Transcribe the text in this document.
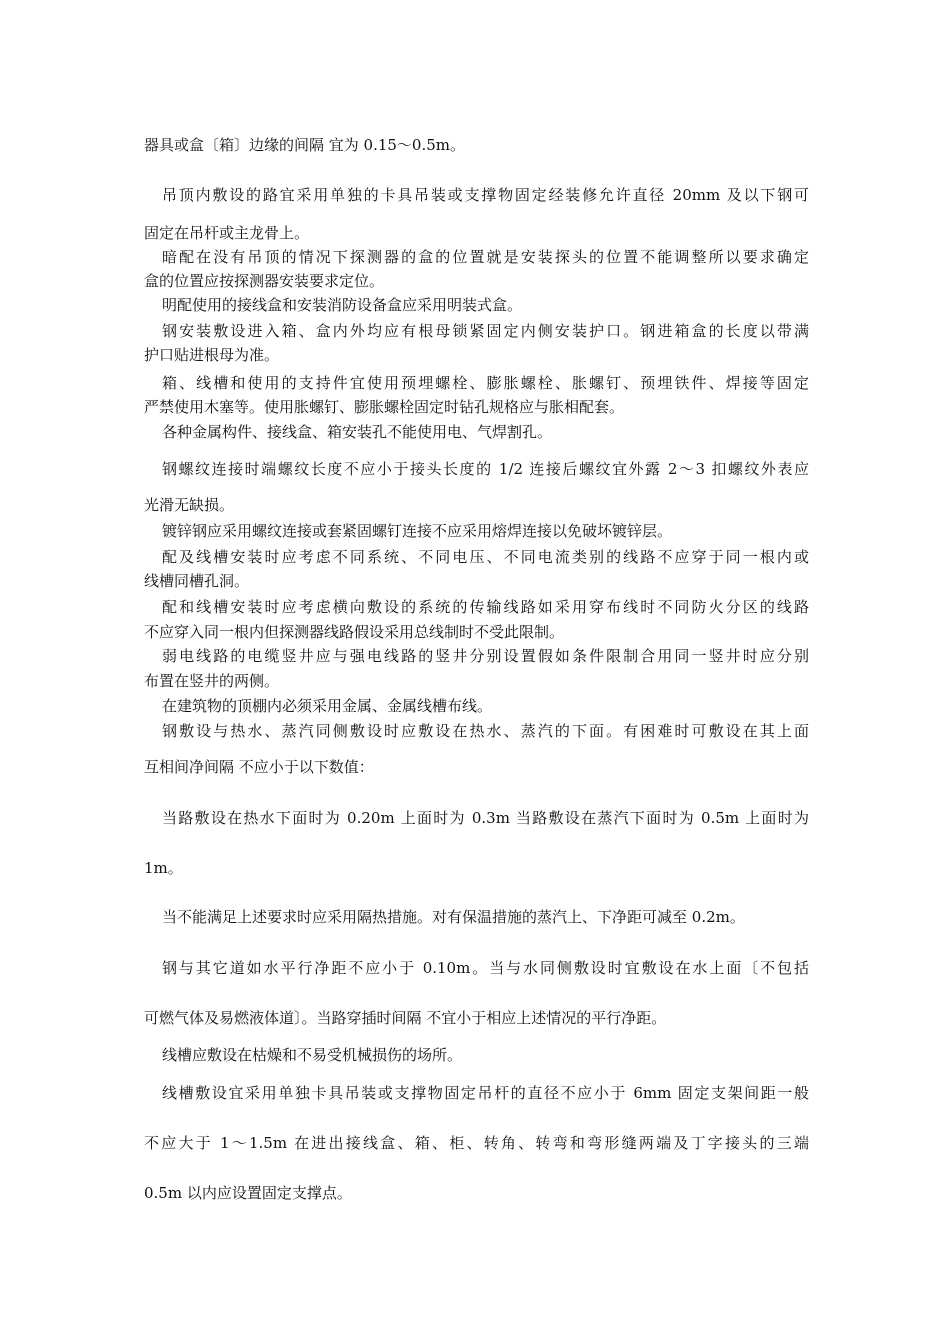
器具或盒〔箱〕边缘的间隔 宜为 0.15～0.5m。
吊顶内敷设的路宜采用单独的卡具吊装或支撑物固定经装修允许直径 20mm 及以下钢可
固定在吊杆或主龙骨上。
暗配在没有吊顶的情况下探测器的盒的位置就是安装探头的位置不能调整所以要求确定
盒的位置应按探测器安装要求定位。
明配使用的接线盒和安装消防设备盒应采用明装式盒。
钢安装敷设进入箱、盒内外均应有根母锁紧固定内侧安装护口。钢进箱盒的长度以带满
护口贴进根母为准。
箱、线槽和使用的支持件宜使用预埋螺栓、膨胀螺栓、胀螺钉、预埋铁件、焊接等固定
严禁使用木塞等。使用胀螺钉、膨胀螺栓固定时钻孔规格应与胀相配套。
各种金属构件、接线盒、箱安装孔不能使用电、气焊割孔。
钢螺纹连接时端螺纹长度不应小于接头长度的 1/2 连接后螺纹宜外露 2～3 扣螺纹外表应
光滑无缺损。
镀锌钢应采用螺纹连接或套紧固螺钉连接不应采用熔焊连接以免破坏镀锌层。
配及线槽安装时应考虑不同系统、不同电压、不同电流类别的线路不应穿于同一根内或
线槽同槽孔洞。
配和线槽安装时应考虑横向敷设的系统的传输线路如采用穿布线时不同防火分区的线路
不应穿入同一根内但探测器线路假设采用总线制时不受此限制。
弱电线路的电缆竖井应与强电线路的竖井分别设置假如条件限制合用同一竖井时应分别
布置在竖井的两侧。
在建筑物的顶棚内必须采用金属、金属线槽布线。
钢敷设与热水、蒸汽同侧敷设时应敷设在热水、蒸汽的下面。有困难时可敷设在其上面
互相间净间隔 不应小于以下数值：
当路敷设在热水下面时为 0.20m 上面时为 0.3m 当路敷设在蒸汽下面时为 0.5m 上面时为
1m。
当不能满足上述要求时应采用隔热措施。对有保温措施的蒸汽上、下净距可减至 0.2m。
钢与其它道如水平行净距不应小于 0.10m。当与水同侧敷设时宜敷设在水上面〔不包括
可燃气体及易燃液体道〕。当路穿插时间隔 不宜小于相应上述情况的平行净距。
线槽应敷设在枯燥和不易受机械损伤的场所。
线槽敷设宜采用单独卡具吊装或支撑物固定吊杆的直径不应小于 6mm 固定支架间距一般
不应大于 1～1.5m 在进出接线盒、箱、柜、转角、转弯和弯形缝两端及丁字接头的三端
0.5m 以内应设置固定支撑点。
